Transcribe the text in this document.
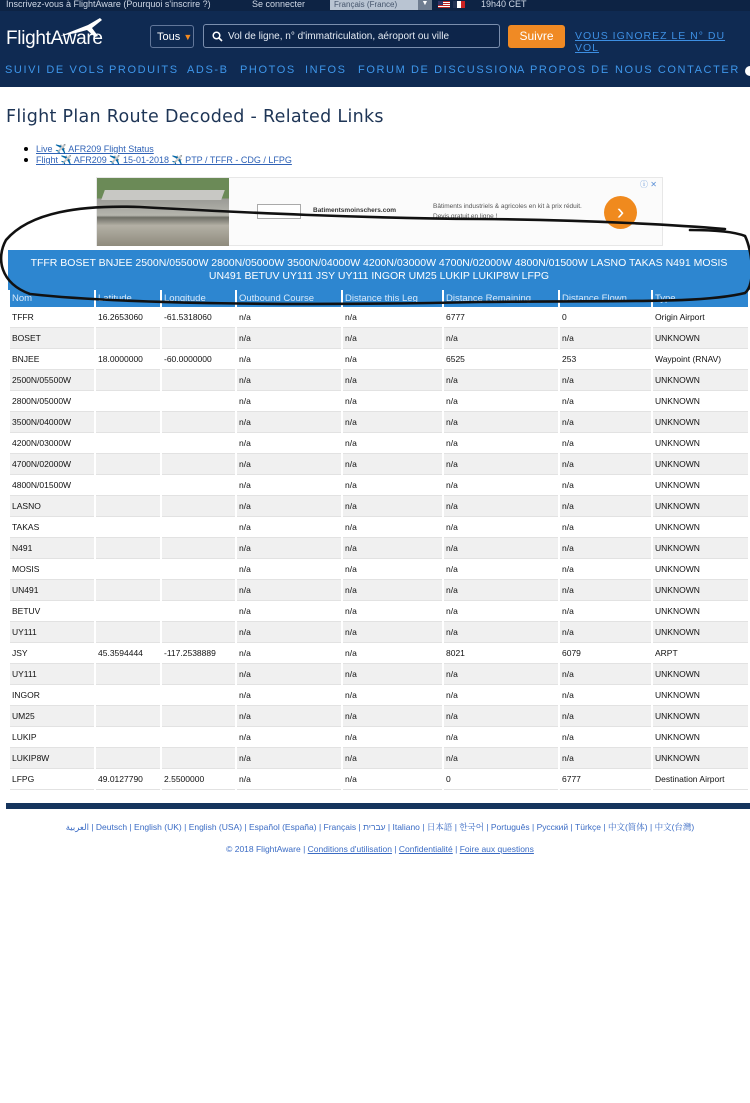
Inscrivez-vous à FlightAware (Pourquoi s'inscrire ?)	Se connecter	Français (France)	▼	19h40 CET
FlightAware	Tous ▼
Vol de ligne, n° d'immatriculation, aéroport ou ville	Suivre	VOUS IGNOREZ LE N° DU VOL
SUIVI DE VOLS PRODUITS ADS-B PHOTOS INFOS FORUM DE DISCUSSION
A PROPOS DE NOUS CONTACTER
Flight Plan Route Decoded - Related Links
Live ✈️ AFR209 Flight Status
Flight ✈️ AFR209 ✈️ 15-01-2018 ✈️ PTP / TFFR - CDG / LFPG
Batimentsmoinschers.com
Bâtiments industriels & agricoles en kit à prix réduit. Devis gratuit en ligne !	›
ⓘ ✕
TFFR BOSET BNJEE 2500N/05500W 2800N/05000W 3500N/04000W 4200N/03000W 4700N/02000W 4800N/01500W LASNO TAKAS N491 MOSIS UN491 BETUV UY111 JSY UY111 INGOR UM25 LUKIP LUKIP8W LFPG
Nom	Latitude	Longitude	Outbound Course	Distance this Leg	Distance Remaining	Distance Flown	Type
TFFR	16.2653060	-61.5318060	n/a	n/a	6777	0	Origin Airport
BOSET			n/a	n/a	n/a	n/a	UNKNOWN
BNJEE	18.0000000	-60.0000000	n/a	n/a	6525	253	Waypoint (RNAV)
2500N/05500W			n/a	n/a	n/a	n/a	UNKNOWN
2800N/05000W			n/a	n/a	n/a	n/a	UNKNOWN
3500N/04000W			n/a	n/a	n/a	n/a	UNKNOWN
4200N/03000W			n/a	n/a	n/a	n/a	UNKNOWN
4700N/02000W			n/a	n/a	n/a	n/a	UNKNOWN
4800N/01500W			n/a	n/a	n/a	n/a	UNKNOWN
LASNO			n/a	n/a	n/a	n/a	UNKNOWN
TAKAS			n/a	n/a	n/a	n/a	UNKNOWN
N491			n/a	n/a	n/a	n/a	UNKNOWN
MOSIS			n/a	n/a	n/a	n/a	UNKNOWN
UN491			n/a	n/a	n/a	n/a	UNKNOWN
BETUV			n/a	n/a	n/a	n/a	UNKNOWN
UY111			n/a	n/a	n/a	n/a	UNKNOWN
JSY	45.3594444	-117.2538889	n/a	n/a	8021	6079	ARPT
UY111			n/a	n/a	n/a	n/a	UNKNOWN
INGOR			n/a	n/a	n/a	n/a	UNKNOWN
UM25			n/a	n/a	n/a	n/a	UNKNOWN
LUKIP			n/a	n/a	n/a	n/a	UNKNOWN
LUKIP8W			n/a	n/a	n/a	n/a	UNKNOWN
LFPG	49.0127790	2.5500000	n/a	n/a	0	6777	Destination Airport
العربية | Deutsch | English (UK) | English (USA) | Español (España) | Français | עברית | Italiano | 日本語 | 한국어 | Português | Русский | Türkçe | 中文(简体) | 中文(台灣)
© 2018 FlightAware | Conditions d'utilisation | Confidentialité | Foire aux questions
